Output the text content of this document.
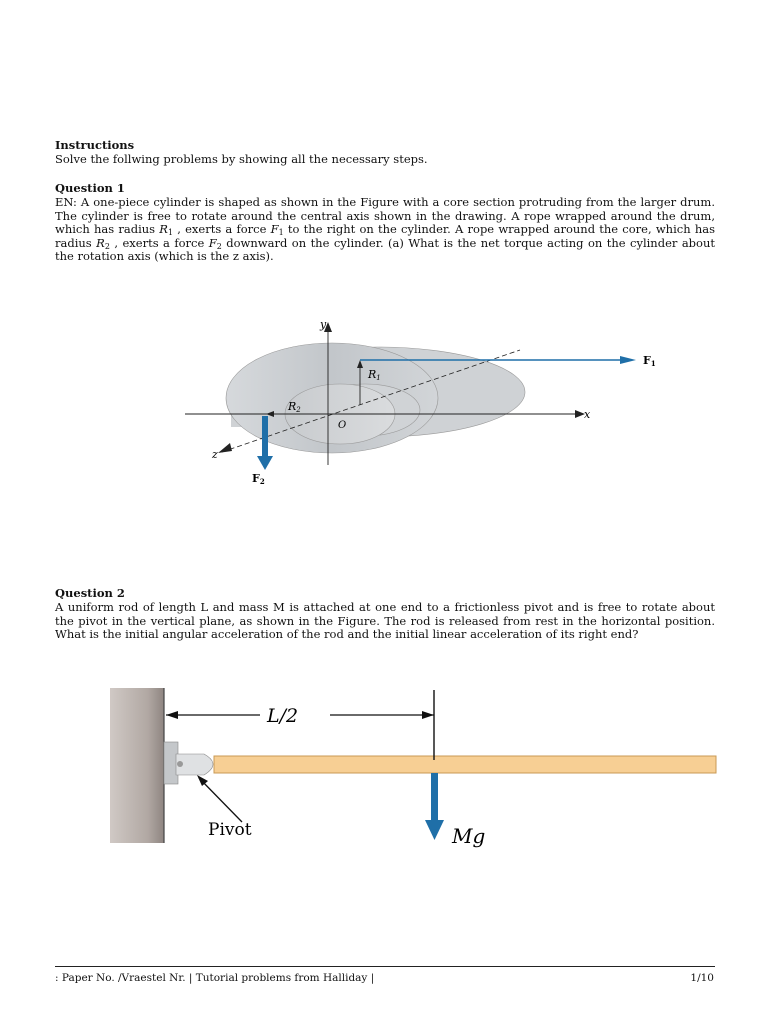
Instructions
Solve the follwing problems by showing all the necessary steps.
Question 1
EN: A one-piece cylinder is shaped as shown in the Figure with a core section protruding from the larger drum. The cylinder is free to rotate around the central axis shown in the drawing. A rope wrapped around the drum, which has radius $R_1$ , exerts a force $F_1$ to the right on the cylinder. A rope wrapped around the core, which has radius $R_2$ , exerts a force $F_2$ downward on the cylinder. (a) What is the net torque acting on the cylinder about the rotation axis (which is the z axis).
y
x
z
O
R1
R2
F1
F2
Question 2
A uniform rod of length L and mass M is attached at one end to a frictionless pivot and is free to rotate about the pivot in the vertical plane, as shown in the Figure. The rod is released from rest in the horizontal position. What is the initial angular acceleration of the rod and the initial linear acceleration of its right end?
L/2
Mg
Pivot
: Paper No. /Vraestel Nr. | Tutorial problems from Halliday |	1/10
